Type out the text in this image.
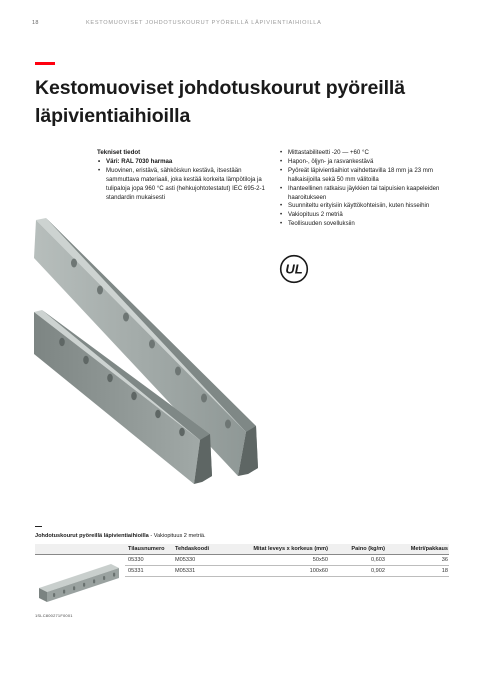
18	KESTOMUOVISET JOHDOTUSKOURUT PYÖREILLÄ LÄPIVIENTIAIHIOILLA
Kestomuoviset johdotuskourut pyöreillä
läpivientiaihioilla
Tekniset tiedot
• Väri: RAL 7030 harmaa
• Muovinen, eristävä, sähköiskun kestävä, itsestään sammuttava materiaali, joka kestää korkeita lämpötiloja ja tulipaloja jopa 960 °C asti (hehkujohtotestatut) IEC 695-2-1 standardin mukaisesti
• Mittastabiliteetti -20 — +60 °C
• Hapon-, öljyn- ja rasvankestävä
• Pyöreät läpivientiaihiot vaihdettavilla 18 mm ja 23 mm halkaisijoilla sekä 50 mm välitoilla
• Ihanteellinen ratkaisu jäykkien tai taipuisien kaapeleiden haaroitukseen
• Suunniteltu erityisiin käyttökohteisiin, kuten hisseihin
• Vakiopituus 2 metriä
• Teollisuuden sovelluksiin
UL
Johdotuskourut pyöreillä läpivientiaihioilla - Vakiopituus 2 metriä.
Tilausnumero Tehdaskoodi	Mitat leveys x korkeus (mm)	Paino (kg/m)	Metri/pakkaus
05330	M05330	50x50	0,603	36
05331	M05331	100x60	0,902	18
1SLC800271F0001
